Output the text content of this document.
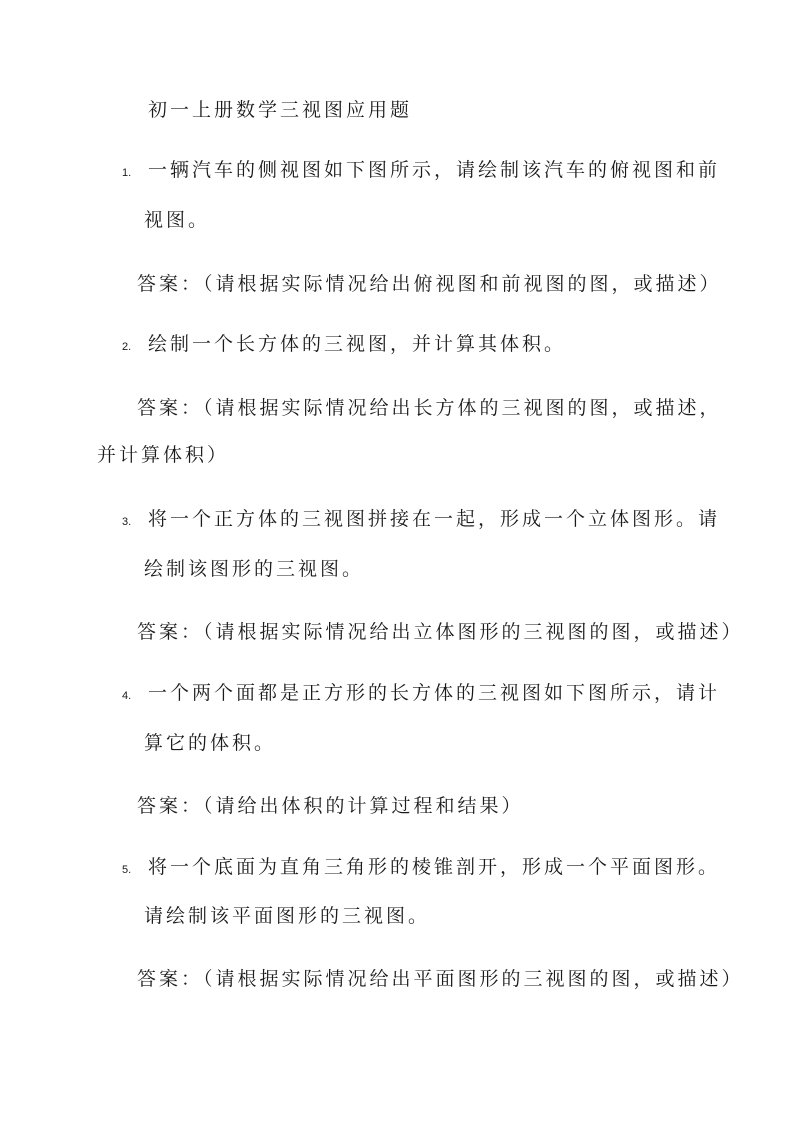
初一上册数学三视图应用题
1. 一辆汽车的侧视图如下图所示，请绘制该汽车的俯视图和前
视图。
答案：（请根据实际情况给出俯视图和前视图的图，或描述）
2. 绘制一个长方体的三视图，并计算其体积。
答案：（请根据实际情况给出长方体的三视图的图，或描述，
并计算体积）
3. 将一个正方体的三视图拼接在一起，形成一个立体图形。请
绘制该图形的三视图。
答案：（请根据实际情况给出立体图形的三视图的图，或描述）
4. 一个两个面都是正方形的长方体的三视图如下图所示，请计
算它的体积。
答案：（请给出体积的计算过程和结果）
5. 将一个底面为直角三角形的棱锥剖开，形成一个平面图形。
请绘制该平面图形的三视图。
答案：（请根据实际情况给出平面图形的三视图的图，或描述）
